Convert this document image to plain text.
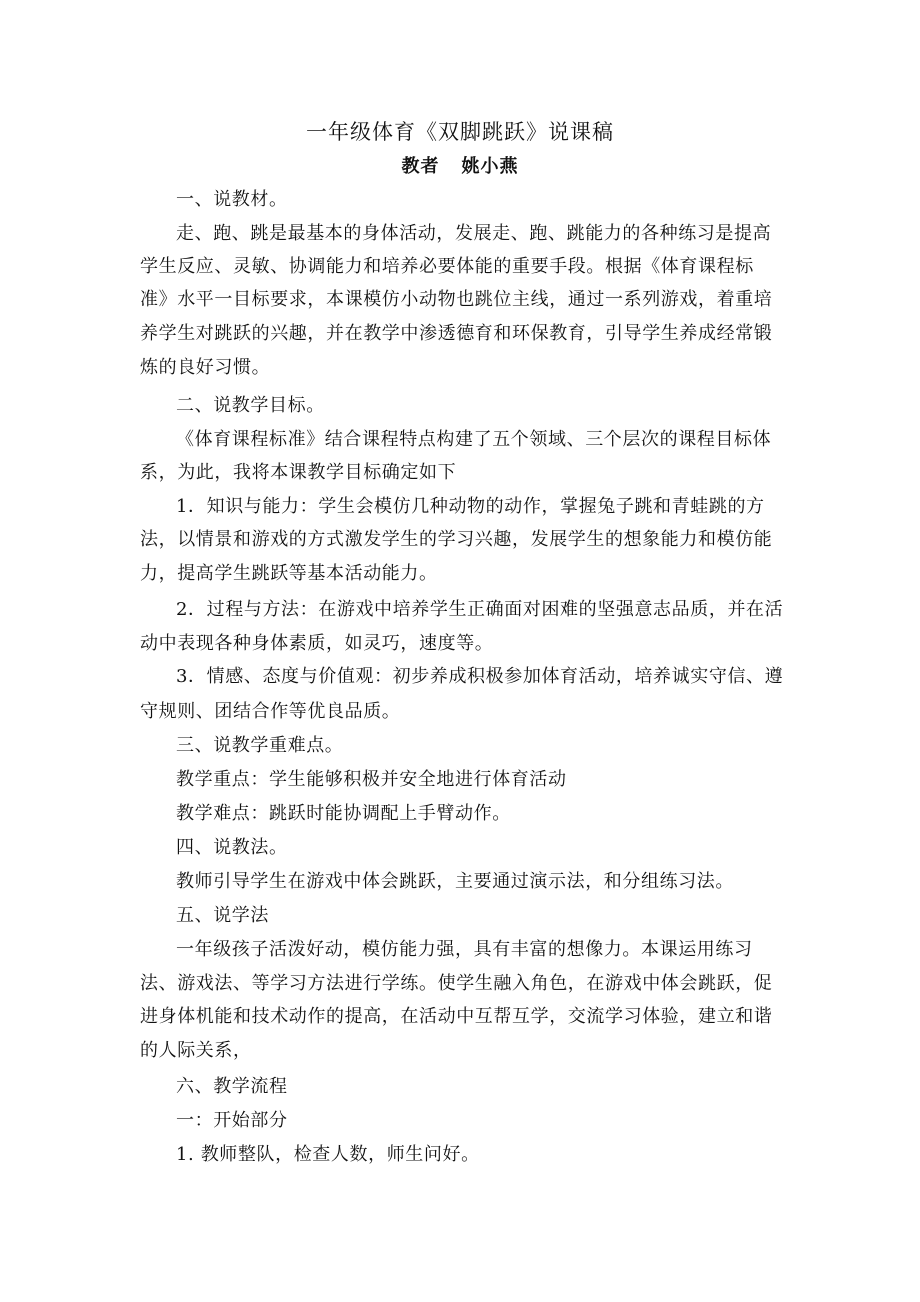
一年级体育《双脚跳跃》说课稿
教者 姚小燕
一、说教材。
走、跑、跳是最基本的身体活动，发展走、跑、跳能力的各种练习是提高
学生反应、灵敏、协调能力和培养必要体能的重要手段。根据《体育课程标
准》水平一目标要求，本课模仿小动物也跳位主线，通过一系列游戏，着重培
养学生对跳跃的兴趣，并在教学中渗透德育和环保教育，引导学生养成经常锻
炼的良好习惯。
二、说教学目标。
《体育课程标准》结合课程特点构建了五个领域、三个层次的课程目标体
系，为此，我将本课教学目标确定如下
1．知识与能力：学生会模仿几种动物的动作，掌握兔子跳和青蛙跳的方
法，以情景和游戏的方式激发学生的学习兴趣，发展学生的想象能力和模仿能
力，提高学生跳跃等基本活动能力。
2．过程与方法：在游戏中培养学生正确面对困难的坚强意志品质，并在活
动中表现各种身体素质，如灵巧，速度等。
3．情感、态度与价值观：初步养成积极参加体育活动，培养诚实守信、遵
守规则、团结合作等优良品质。
三、说教学重难点。
教学重点：学生能够积极并安全地进行体育活动
教学难点：跳跃时能协调配上手臂动作。
四、说教法。
教师引导学生在游戏中体会跳跃，主要通过演示法，和分组练习法。
五、说学法
一年级孩子活泼好动，模仿能力强，具有丰富的想像力。本课运用练习
法、游戏法、等学习方法进行学练。使学生融入角色，在游戏中体会跳跃，促
进身体机能和技术动作的提高，在活动中互帮互学，交流学习体验，建立和谐
的人际关系，
六、教学流程
一：开始部分
1. 教师整队，检查人数，师生问好。
